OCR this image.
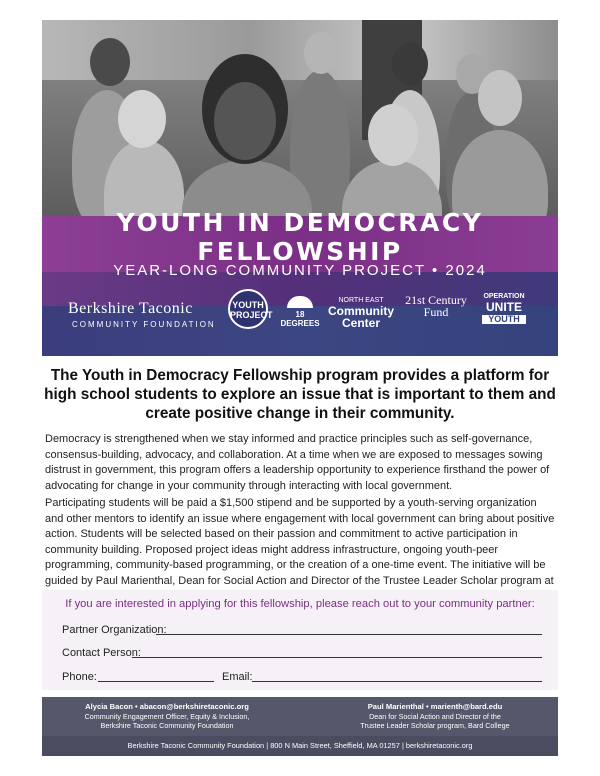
YOUTH IN DEMOCRACY FELLOWSHIP
YEAR-LONG COMMUNITY PROJECT • 2024
Berkshire Taconic
COMMUNITY FOUNDATION
YOUTH PROJECT	18 DEGREES
NORTH EAST
Community Center
21st Century Fund
OPERATION
UNITE
YOUTH
The Youth in Democracy Fellowship program provides a platform for high school students to explore an issue that is important to them and create positive change in their community.

Democracy is strengthened when we stay informed and practice principles such as self-governance, consensus-building, advocacy, and collaboration. At a time when we are exposed to messages sowing distrust in government, this program offers a leadership opportunity to experience firsthand the power of advocating for change in your community through interacting with local government.

Participating students will be paid a $1,500 stipend and be supported by a youth-serving organization and other mentors to identify an issue where engagement with local government can bring about positive action. Students will be selected based on their passion and commitment to active participation in community building. Proposed project ideas might address infrastructure, ongoing youth-peer programming, community-based programming, or the creation of a one-time event. The initiative will be guided by Paul Marienthal, Dean for Social Action and Director of the Trustee Leader Scholar program at

If you are interested in applying for this fellowship, please reach out to your community partner:
Partner Organization:
Contact Person:
Phone:	Email:
Alycia Bacon • abacon@berkshiretaconic.org
Community Engagement Officer, Equity & Inclusion,
Berkshire Taconic Community Foundation
Paul Marienthal • marienth@bard.edu
Dean for Social Action and Director of the
Trustee Leader Scholar program, Bard College
Berkshire Taconic Community Foundation | 800 N Main Street, Sheffield, MA 01257 | berkshiretaconic.org
